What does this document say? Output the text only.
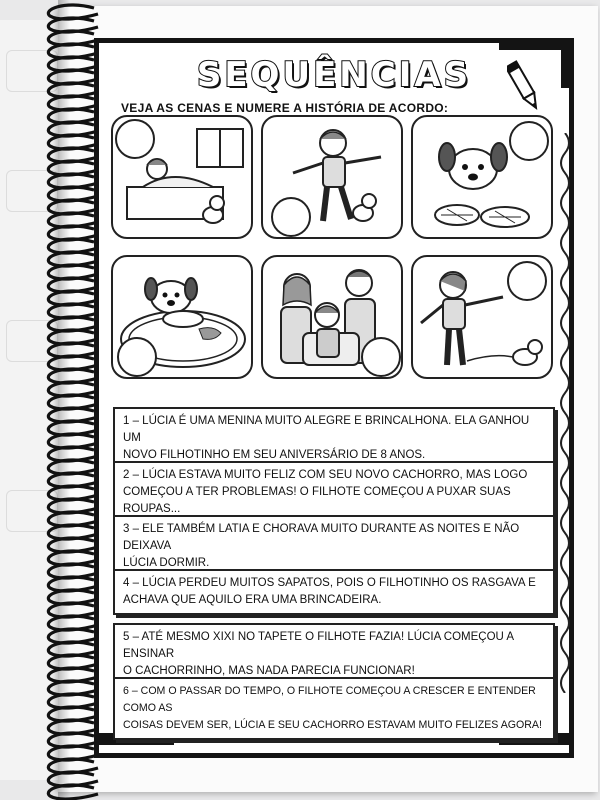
SEQUÊNCIAS
VEJA AS CENAS E NUMERE A HISTÓRIA DE ACORDO:
1 – LÚCIA É UMA MENINA MUITO ALEGRE E BRINCALHONA. ELA GANHOU UM
NOVO FILHOTINHO EM SEU ANIVERSÁRIO DE 8 ANOS.
2 – LÚCIA ESTAVA MUITO FELIZ COM SEU NOVO CACHORRO, MAS LOGO
COMEÇOU A TER PROBLEMAS! O FILHOTE COMEÇOU A PUXAR SUAS ROUPAS...
3 – ELE TAMBÉM LATIA E CHORAVA MUITO DURANTE AS NOITES E NÃO DEIXAVA
LÚCIA DORMIR.
4 – LÚCIA PERDEU MUITOS SAPATOS, POIS O FILHOTINHO OS RASGAVA E
ACHAVA QUE AQUILO ERA UMA BRINCADEIRA.
5 – ATÉ MESMO XIXI NO TAPETE O FILHOTE FAZIA! LÚCIA COMEÇOU A ENSINAR
O CACHORRINHO, MAS NADA PARECIA FUNCIONAR!
6 – COM O PASSAR DO TEMPO, O FILHOTE COMEÇOU A CRESCER E ENTENDER COMO AS
COISAS DEVEM SER, LÚCIA E SEU CACHORRO ESTAVAM MUITO FELIZES AGORA!
